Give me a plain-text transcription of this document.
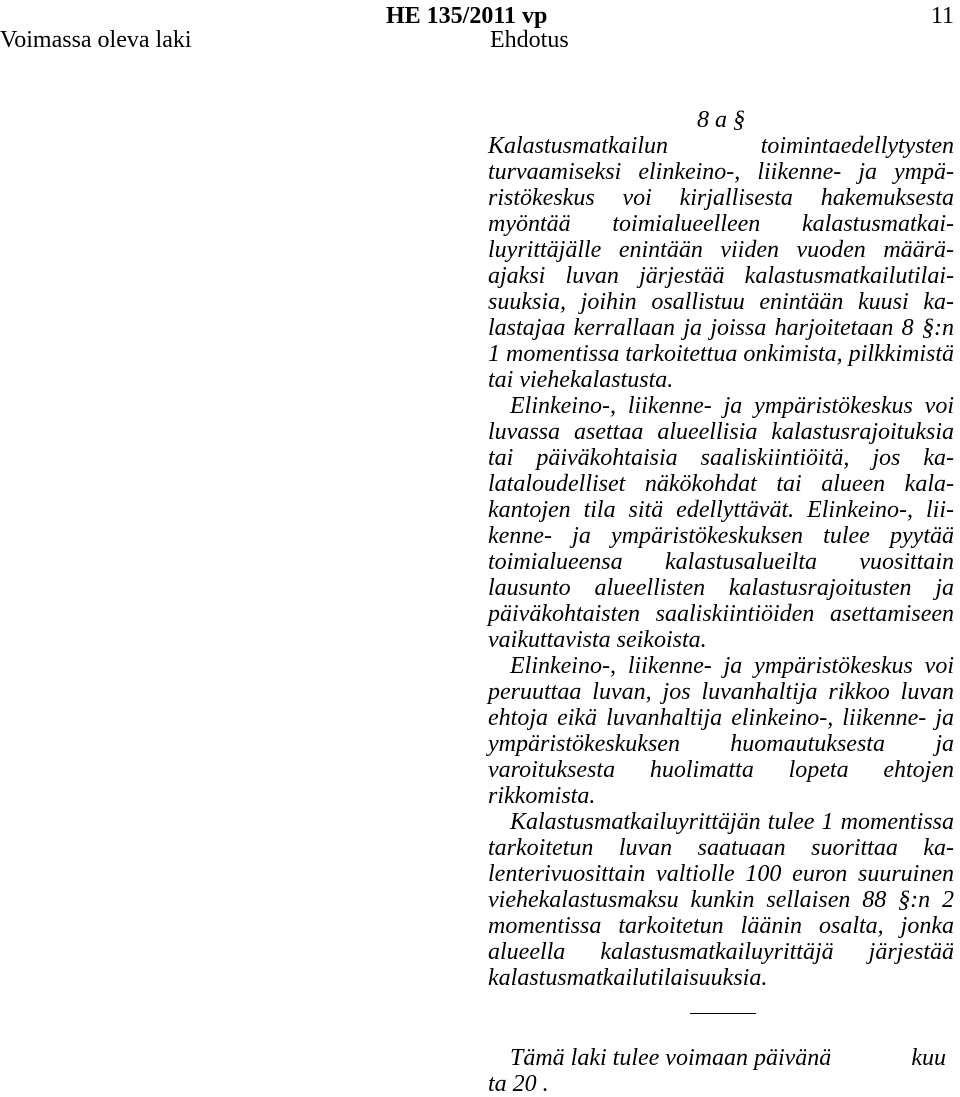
Voimassa oleva laki
HE 135/2011 vp
Ehdotus
11
8 a §

Kalastusmatkailun toimintaedellytysten turvaamiseksi elinkeino-, liikenne- ja ympäristökeskus voi kirjallisesta hakemuksesta myöntää toimialueelleen kalastusmatkailuyrittäjälle enintään viiden vuoden määräajaksi luvan järjestää kalastusmatkailutilaisuuksia, joihin osallistuu enintään kuusi kalastajaa kerrallaan ja joissa harjoitetaan 8 §:n 1 momentissa tarkoitettua onkimista, pilkkimistä tai viehekalastusta.

Elinkeino-, liikenne- ja ympäristökeskus voi luvassa asettaa alueellisia kalastusrajoituksia tai päiväkohtaisia saaliskiintiöitä, jos kalataloudelliset näkökohdat tai alueen kalakantojen tila sitä edellyttävät. Elinkeino-, liikenne- ja ympäristökeskuksen tulee pyytää toimialueensa kalastusalueilta vuosittain lausunto alueellisten kalastusrajoitusten ja päiväkohtaisten saaliskiintiöiden asettamiseen vaikuttavista seikoista.

Elinkeino-, liikenne- ja ympäristökeskus voi peruuttaa luvan, jos luvanhaltija rikkoo luvan ehtoja eikä luvanhaltija elinkeino-, liikenne- ja ympäristökeskuksen huomautuksesta ja varoituksesta huolimatta lopeta ehtojen rikkomista.

Kalastusmatkailuyrittäjän tulee 1 momentissa tarkoitetun luvan saatuaan suorittaa kalenterivuosittain valtiolle 100 euron suuruinen viehekalastusmaksu kunkin sellaisen 88 §:n 2 momentissa tarkoitetun läänin osalta, jonka alueella kalastusmatkailuyrittäjä järjestää kalastusmatkailutilaisuuksia.

Tämä laki tulee voimaan päivänä	kuu
ta 20 .
